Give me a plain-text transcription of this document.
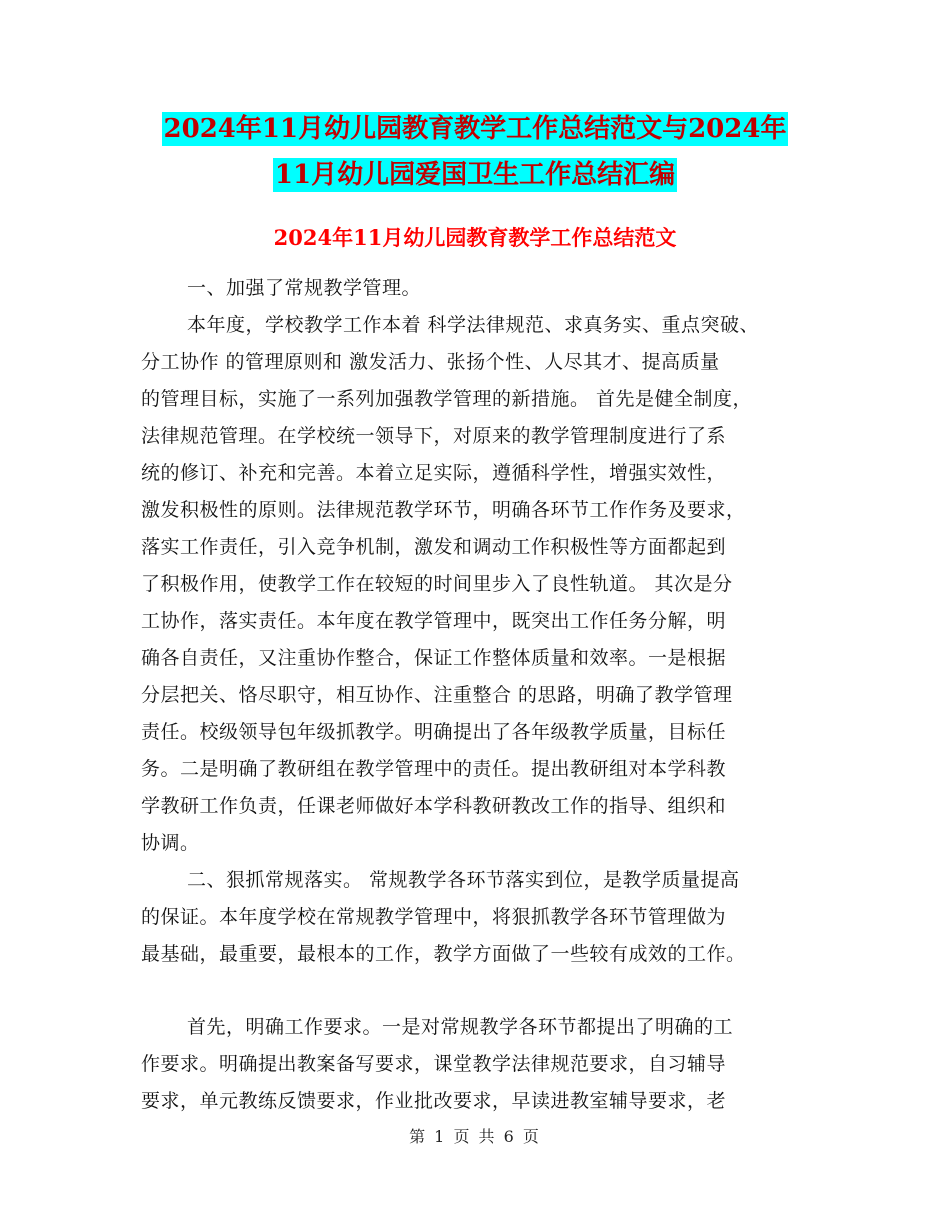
2024年11月幼儿园教育教学工作总结范文与2024年
11月幼儿园爱国卫生工作总结汇编
2024年11月幼儿园教育教学工作总结范文
一、加强了常规教学管理。
本年度，学校教学工作本着 科学法律规范、求真务实、重点突破、
分工协作 的管理原则和 激发活力、张扬个性、人尽其才、提高质量
的管理目标，实施了一系列加强教学管理的新措施。 首先是健全制度，
法律规范管理。在学校统一领导下，对原来的教学管理制度进行了系
统的修订、补充和完善。本着立足实际，遵循科学性，增强实效性，
激发积极性的原则。法律规范教学环节，明确各环节工作作务及要求，
落实工作责任，引入竞争机制，激发和调动工作积极性等方面都起到
了积极作用，使教学工作在较短的时间里步入了良性轨道。 其次是分
工协作，落实责任。本年度在教学管理中，既突出工作任务分解，明
确各自责任，又注重协作整合，保证工作整体质量和效率。一是根据
分层把关、恪尽职守，相互协作、注重整合 的思路，明确了教学管理
责任。校级领导包年级抓教学。明确提出了各年级教学质量，目标任
务。二是明确了教研组在教学管理中的责任。提出教研组对本学科教
学教研工作负责，任课老师做好本学科教研教改工作的指导、组织和
协调。
二、狠抓常规落实。 常规教学各环节落实到位，是教学质量提高
的保证。本年度学校在常规教学管理中，将狠抓教学各环节管理做为
最基础，最重要，最根本的工作，教学方面做了一些较有成效的工作。
首先，明确工作要求。一是对常规教学各环节都提出了明确的工
作要求。明确提出教案备写要求，课堂教学法律规范要求，自习辅导
要求，单元教练反馈要求，作业批改要求，早读进教室辅导要求，老
第 1 页 共 6 页
